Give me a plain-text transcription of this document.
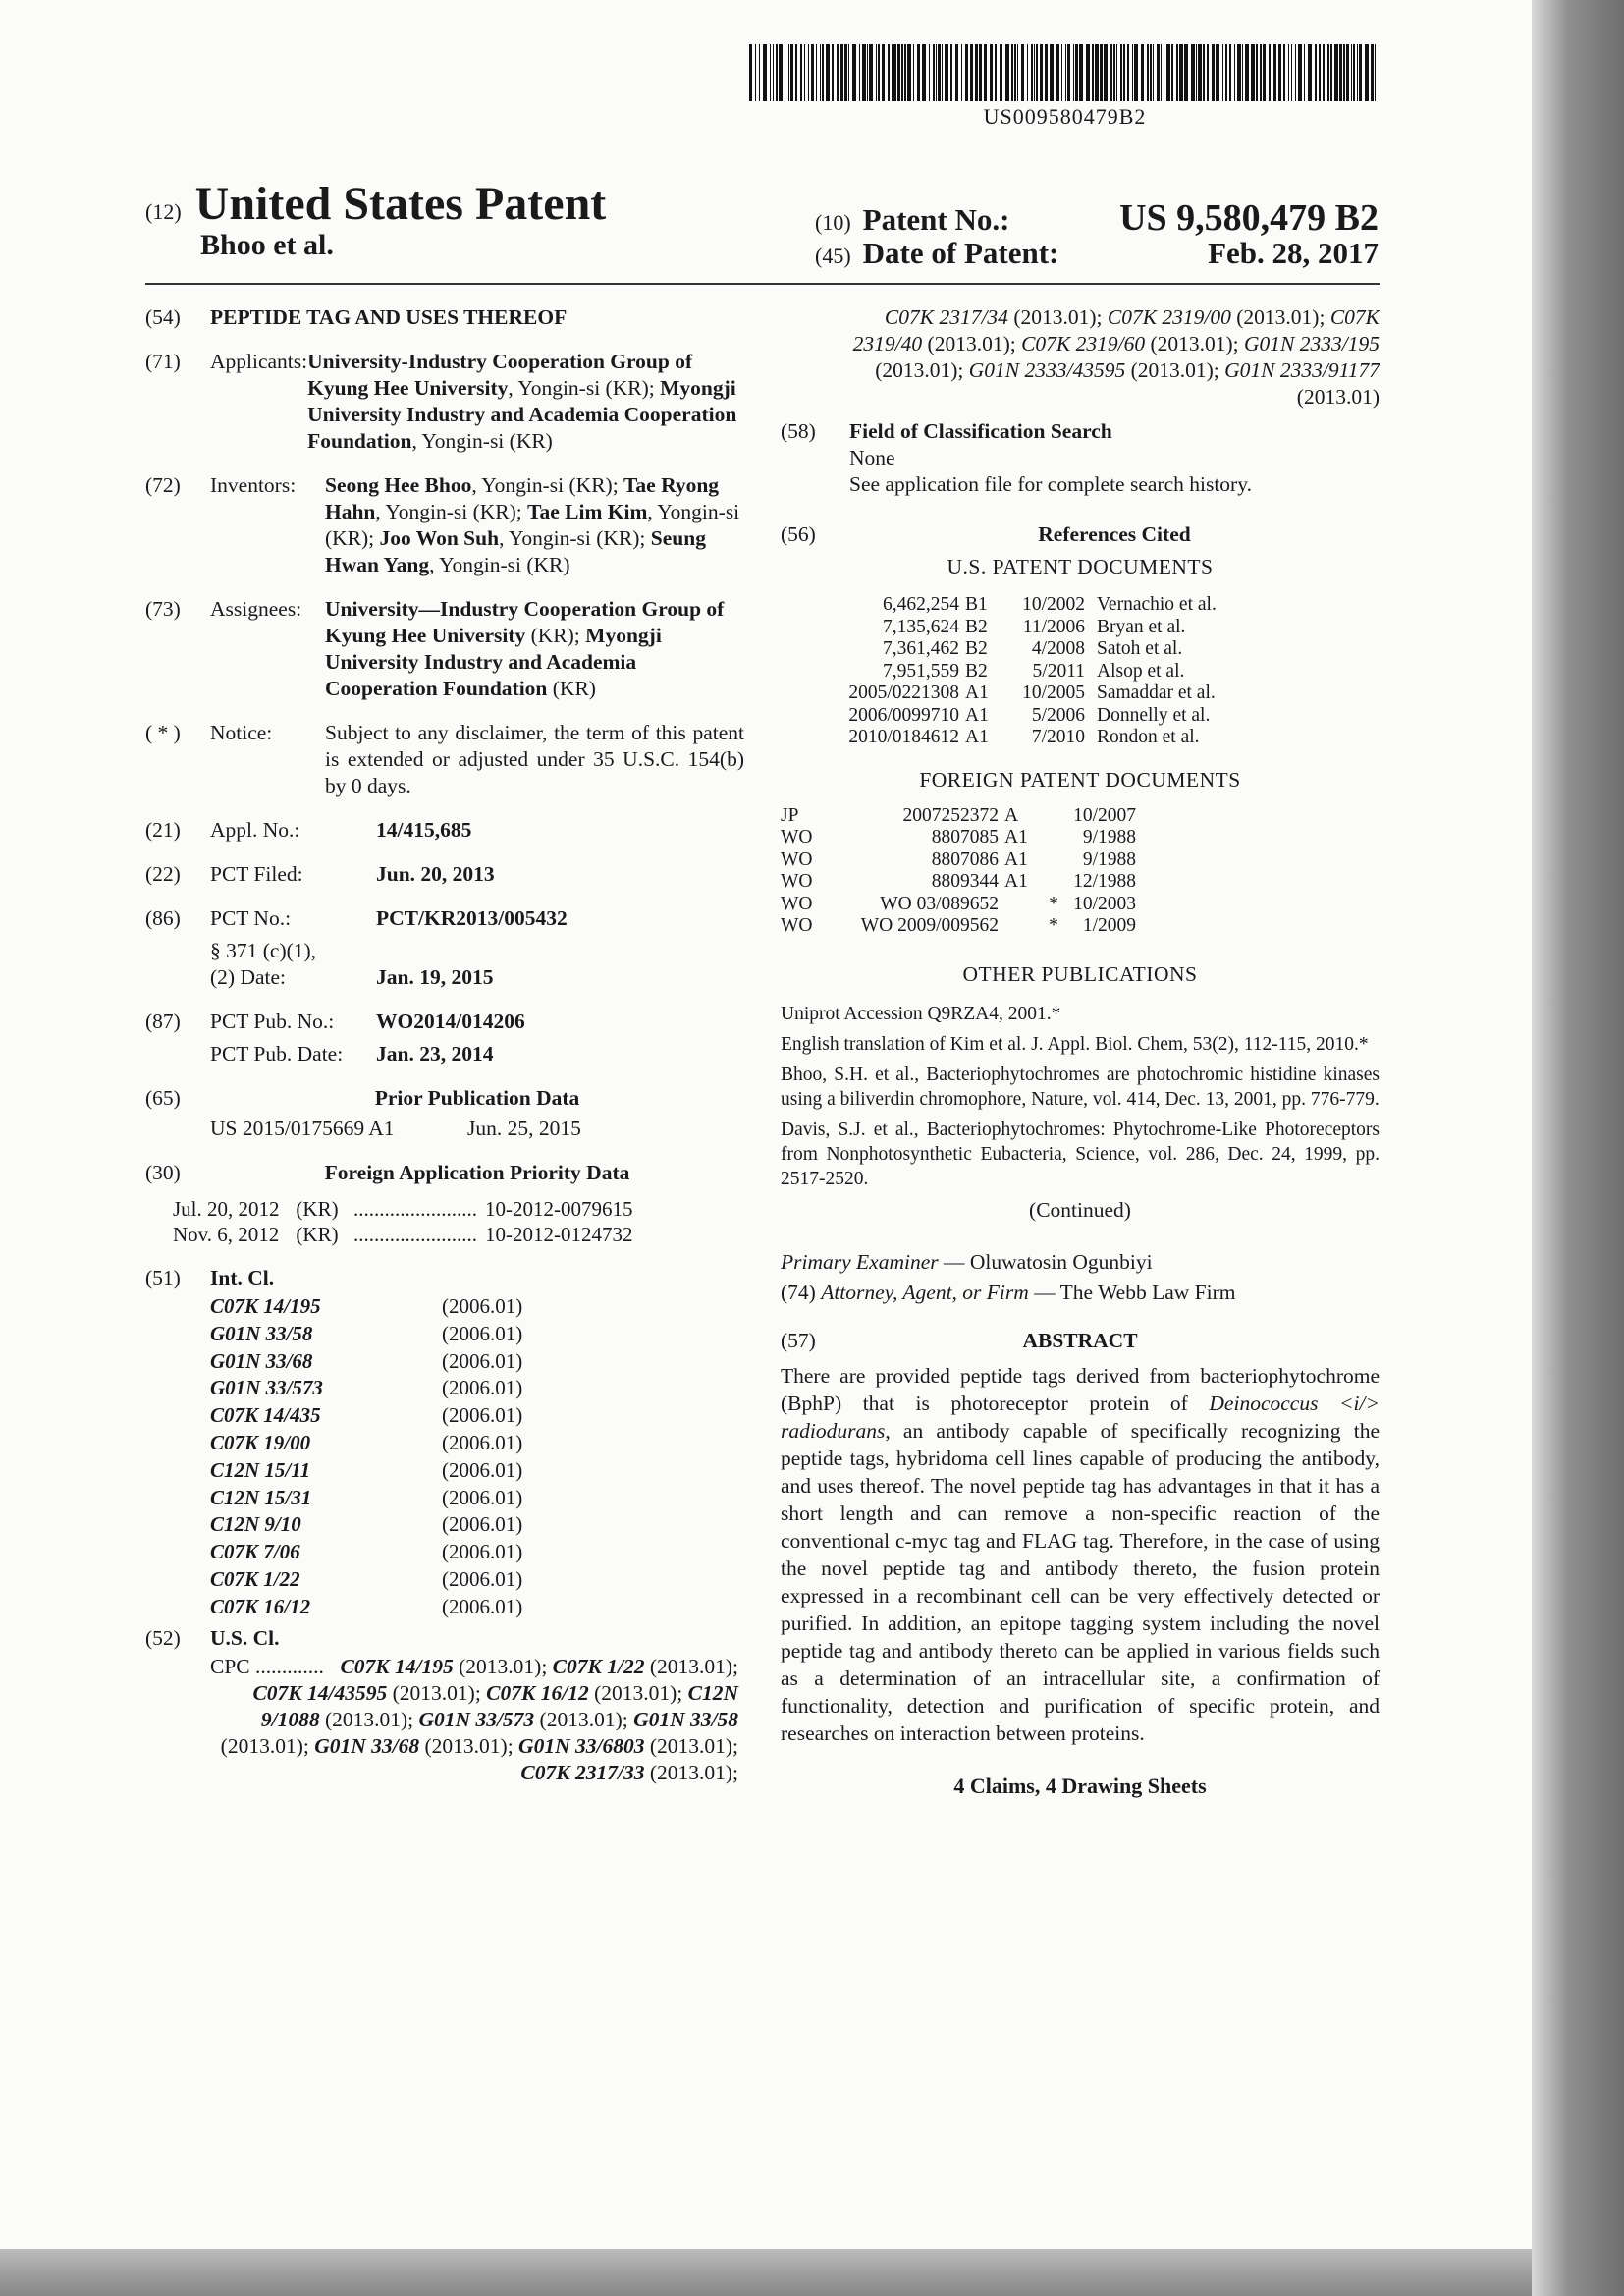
US009580479B2
(12) United States Patent
Bhoo et al.
(10) Patent No.:	US 9,580,479 B2
(45) Date of Patent:	Feb. 28, 2017
(54)	PEPTIDE TAG AND USES THEREOF
(71)	Applicants: University-Industry Cooperation Group of Kyung Hee University, Yongin-si (KR); Myongji University Industry and Academia Cooperation Foundation, Yongin-si (KR)
(72)	Inventors:	Seong Hee Bhoo, Yongin-si (KR); Tae Ryong Hahn, Yongin-si (KR); Tae Lim Kim, Yongin-si (KR); Joo Won Suh, Yongin-si (KR); Seung Hwan Yang, Yongin-si (KR)
(73)	Assignees:	University—Industry Cooperation Group of Kyung Hee University (KR); Myongji University Industry and Academia Cooperation Foundation (KR)
( * )	Notice:	Subject to any disclaimer, the term of this patent is extended or adjusted under 35 U.S.C. 154(b) by 0 days.
(21)	Appl. No.:	14/415,685
(22)	PCT Filed:	Jun. 20, 2013
(86)	PCT No.:	PCT/KR2013/005432
§ 371 (c)(1),
(2) Date:	Jan. 19, 2015
(87)	PCT Pub. No.:	WO2014/014206
PCT Pub. Date:	Jan. 23, 2014
(65)	Prior Publication Data
US 2015/0175669 A1	Jun. 25, 2015
(30)	Foreign Application Priority Data
Jul. 20, 2012	(KR)	........................	10-2012-0079615
Nov. 6, 2012	(KR)	........................	10-2012-0124732
(51)	Int. Cl.
C07K 14/195	(2006.01)
G01N 33/58	(2006.01)
G01N 33/68	(2006.01)
G01N 33/573	(2006.01)
C07K 14/435	(2006.01)
C07K 19/00	(2006.01)
C12N 15/11	(2006.01)
C12N 15/31	(2006.01)
C12N 9/10	(2006.01)
C07K 7/06	(2006.01)
C07K 1/22	(2006.01)
C07K 16/12	(2006.01)
(52)	U.S. Cl.
CPC ............. C07K 14/195 (2013.01); C07K 1/22 (2013.01); C07K 14/43595 (2013.01); C07K 16/12 (2013.01); C12N 9/1088 (2013.01); G01N 33/573 (2013.01); G01N 33/58 (2013.01); G01N 33/68 (2013.01); G01N 33/6803 (2013.01); C07K 2317/33 (2013.01);
C07K 2317/34 (2013.01); C07K 2319/00 (2013.01); C07K 2319/40 (2013.01); C07K 2319/60 (2013.01); G01N 2333/195 (2013.01); G01N 2333/43595 (2013.01); G01N 2333/91177 (2013.01)
(58)	Field of Classification Search
None
See application file for complete search history.
(56)	References Cited
U.S. PATENT DOCUMENTS
6,462,254	B1	10/2002	Vernachio et al.
7,135,624	B2	11/2006	Bryan et al.
7,361,462	B2	4/2008	Satoh et al.
7,951,559	B2	5/2011	Alsop et al.
2005/0221308	A1	10/2005	Samaddar et al.
2006/0099710	A1	5/2006	Donnelly et al.
2010/0184612	A1	7/2010	Rondon et al.
FOREIGN PATENT DOCUMENTS
JP	2007252372	A		10/2007
WO	8807085	A1		9/1988
WO	8807086	A1		9/1988
WO	8809344	A1		12/1988
WO	WO 03/089652		*	10/2003
WO	WO 2009/009562		*	1/2009
OTHER PUBLICATIONS

Uniprot Accession Q9RZA4, 2001.*

English translation of Kim et al. J. Appl. Biol. Chem, 53(2), 112-115, 2010.*

Bhoo, S.H. et al., Bacteriophytochromes are photochromic histidine kinases using a biliverdin chromophore, Nature, vol. 414, Dec. 13, 2001, pp. 776-779.

Davis, S.J. et al., Bacteriophytochromes: Phytochrome-Like Photoreceptors from Nonphotosynthetic Eubacteria, Science, vol. 286, Dec. 24, 1999, pp. 2517-2520.

(Continued)
Primary Examiner — Oluwatosin Ogunbiyi
(74) Attorney, Agent, or Firm — The Webb Law Firm
(57)	ABSTRACT
There are provided peptide tags derived from bacteriophytochrome (BphP) that is photoreceptor protein of Deinococcus <i/> radiodurans, an antibody capable of specifically recognizing the peptide tags, hybridoma cell lines capable of producing the antibody, and uses thereof. The novel peptide tag has advantages in that it has a short length and can remove a non-specific reaction of the conventional c-myc tag and FLAG tag. Therefore, in the case of using the novel peptide tag and antibody thereto, the fusion protein expressed in a recombinant cell can be very effectively detected or purified. In addition, an epitope tagging system including the novel peptide tag and antibody thereto can be applied in various fields such as a determination of an intracellular site, a confirmation of functionality, detection and purification of specific protein, and researches on interaction between proteins.
4 Claims, 4 Drawing Sheets
